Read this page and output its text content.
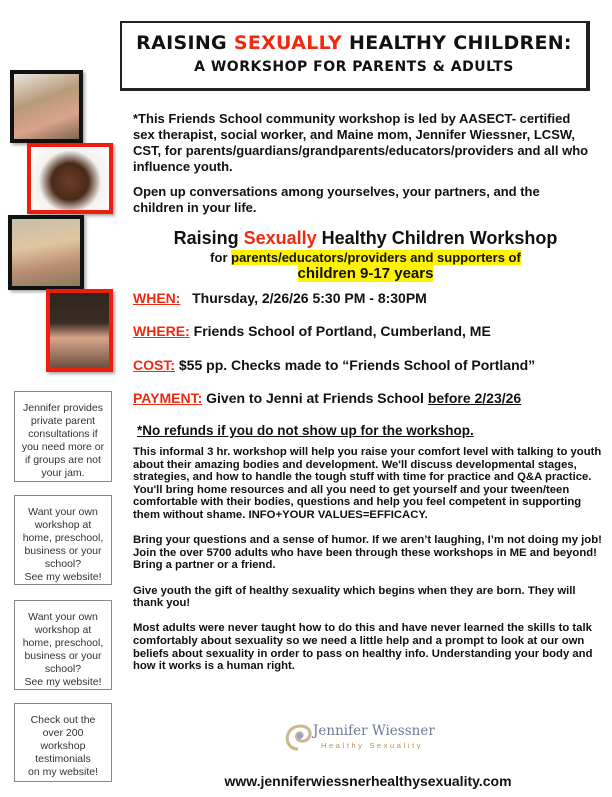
RAISING SEXUALLY HEALTHY CHILDREN:
A WORKSHOP FOR PARENTS & ADULTS
*This Friends School community workshop is led by AASECT- certified
sex therapist, social worker, and Maine mom, Jennifer Wiessner, LCSW,
CST, for parents/guardians/grandparents/educators/providers and all who
influence youth.
Open up conversations among yourselves, your partners, and the
children in your life.
Raising Sexually Healthy Children Workshop
for parents/educators/providers and supporters of
children 9-17 years
WHEN: Thursday, 2/26/26 5:30 PM - 8:30PM
WHERE: Friends School of Portland, Cumberland, ME
COST: $55 pp. Checks made to “Friends School of Portland”
PAYMENT: Given to Jenni at Friends School before 2/23/26
*No refunds if you do not show up for the workshop.

This informal 3 hr. workshop will help you raise your comfort level with talking to youth
about their amazing bodies and development. We'll discuss developmental stages,
strategies, and how to handle the tough stuff with time for practice and Q&A practice.
You'll bring home resources and all you need to get yourself and your tween/teen
comfortable with their bodies, questions and help you feel competent in supporting
them without shame. INFO+YOUR VALUES=EFFICACY.

Bring your questions and a sense of humor. If we aren’t laughing, I’m not doing my job!
Join the over 5700 adults who have been through these workshops in ME and beyond!
Bring a partner or a friend.

Give youth the gift of healthy sexuality which begins when they are born. They will
thank you!

Most adults were never taught how to do this and have never learned the skills to talk
comfortably about sexuality so we need a little help and a prompt to look at our own
beliefs about sexuality in order to pass on healthy info. Understanding your body and
how it works is a human right.

Jennifer provides
private parent
consultations if
you need more or
if groups are not
your jam.
Want your own
workshop at
home, preschool,
business or your
school?
See my website!
Want your own
workshop at
home, preschool,
business or your
school?
See my website!
Check out the
over 200
workshop
testimonials
on my website!
Jennifer Wiessner
Healthy Sexuality
www.jenniferwiessnerhealthysexuality.com
